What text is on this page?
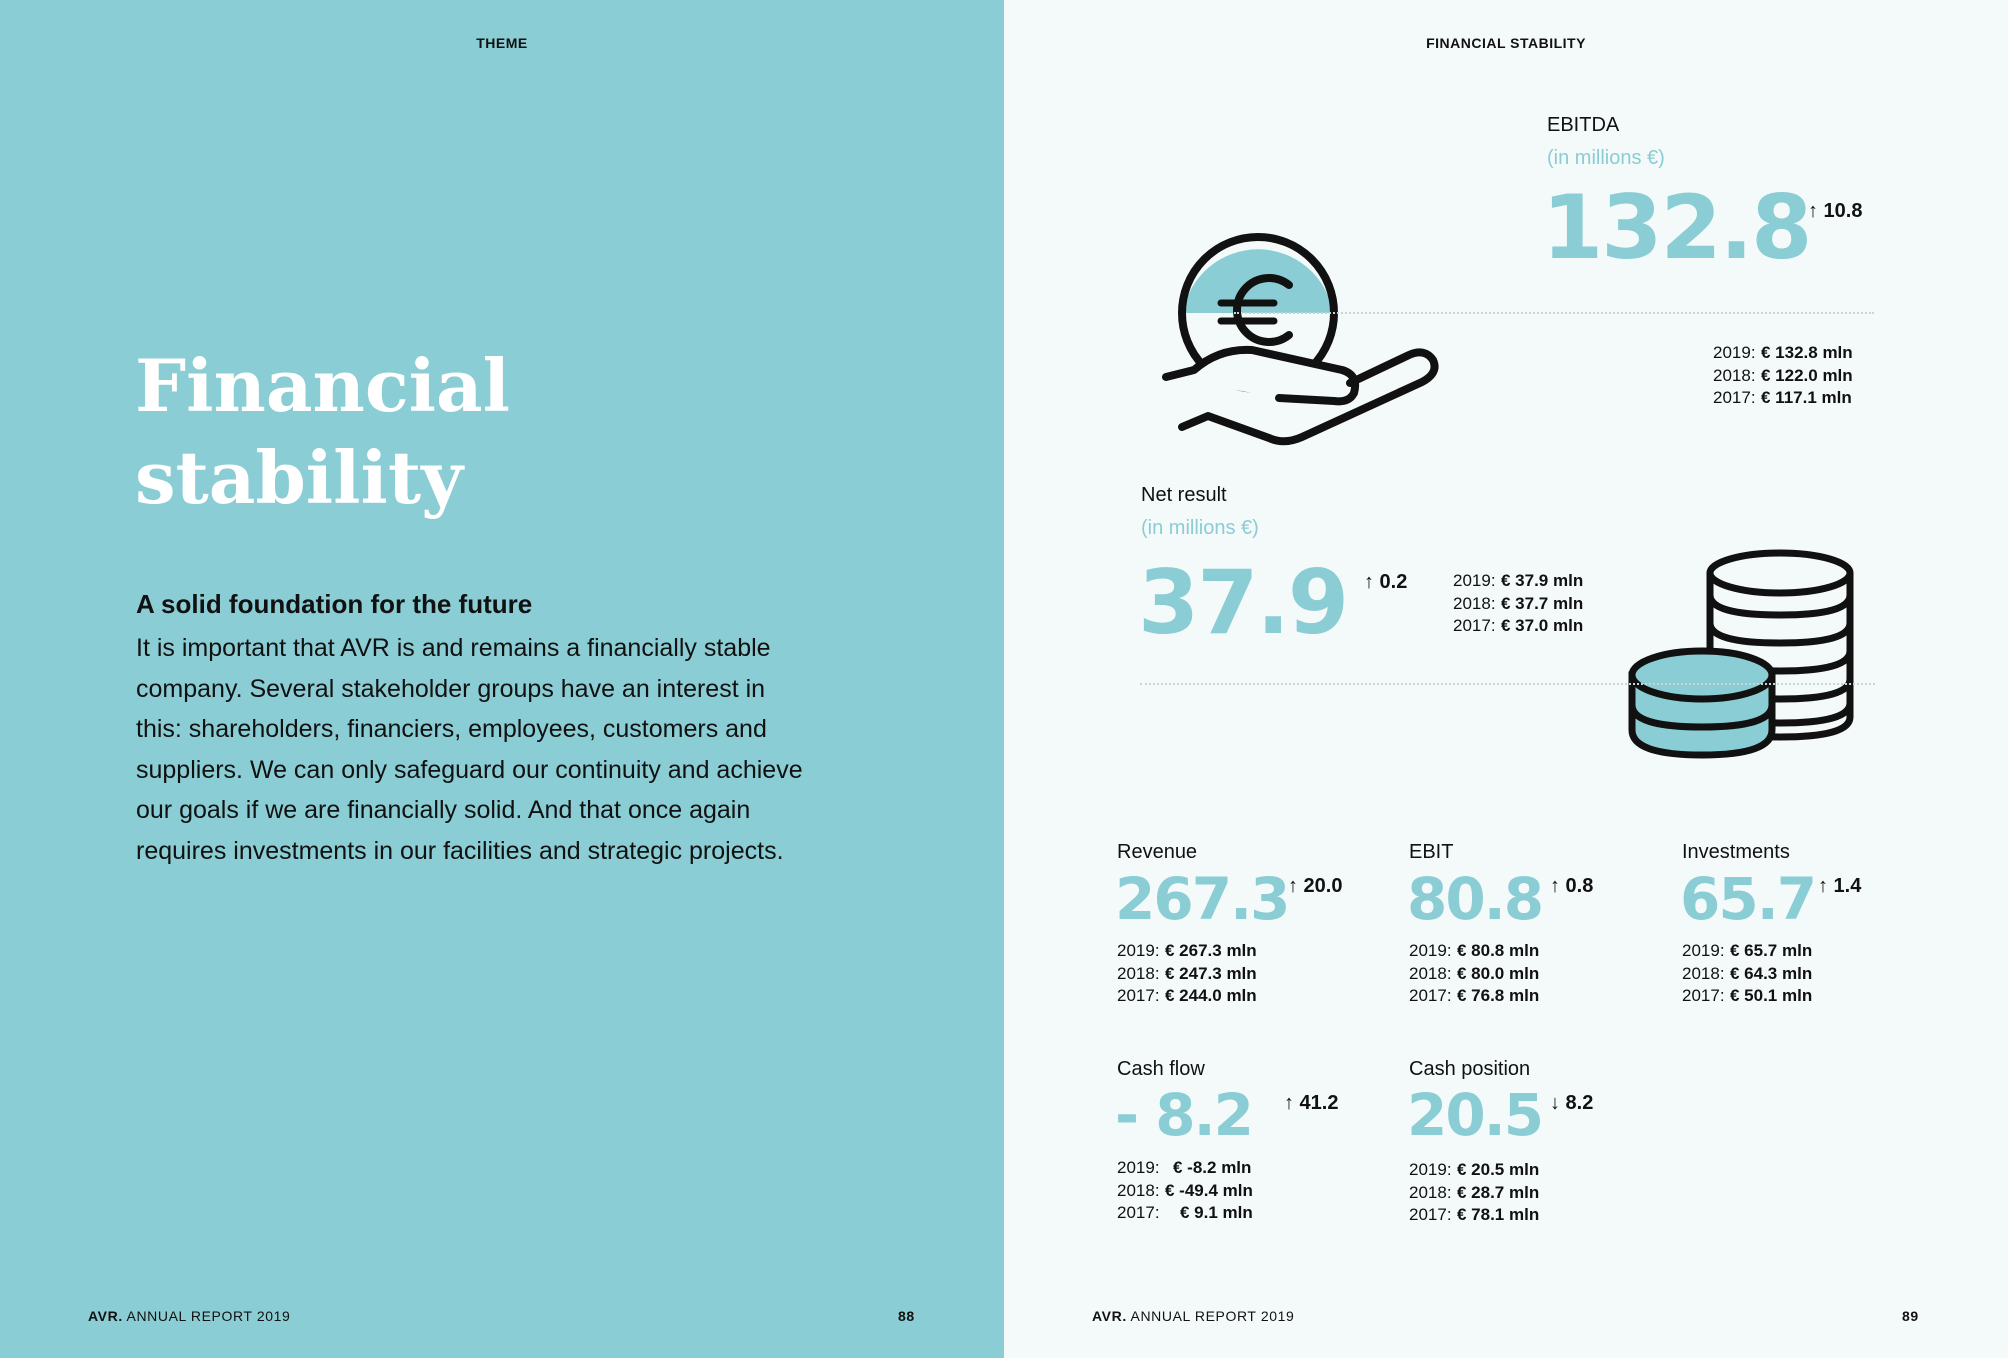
THEME
Financial
stability
A solid foundation for the future
It is important that AVR is and remains a financially stable company. Several stakeholder groups have an interest in this: shareholders, financiers, employees, customers and suppliers. We can only safeguard our continuity and achieve our goals if we are financially solid. And that once again requires investments in our facilities and strategic projects.
AVR. ANNUAL REPORT 2019	88
FINANCIAL STABILITY
EBITDA
(in millions €)
132.8
↑ 10.8
2019: € 132.8 mln
2018: € 122.0 mln
2017: € 117.1 mln
Net result
(in millions €)
37.9 ↑ 0.2	2019: € 37.9 mln
2018: € 37.7 mln
2017: € 37.0 mln
Revenue
267.3 ↑ 20.0
2019: € 267.3 mln
2018: € 247.3 mln
2017: € 244.0 mln
EBIT
80.8 ↑ 0.8
2019: € 80.8 mln
2018: € 80.0 mln
2017: € 76.8 mln
Investments
65.7 ↑ 1.4
2019: € 65.7 mln
2018: € 64.3 mln
2017: € 50.1 mln
Cash flow
- 8.2 ↑ 41.2
2019: € -8.2 mln
2018: € -49.4 mln
2017: € 9.1 mln
Cash position
20.5 ↓ 8.2
2019: € 20.5 mln
2018: € 28.7 mln
2017: € 78.1 mln
AVR. ANNUAL REPORT 2019	89
